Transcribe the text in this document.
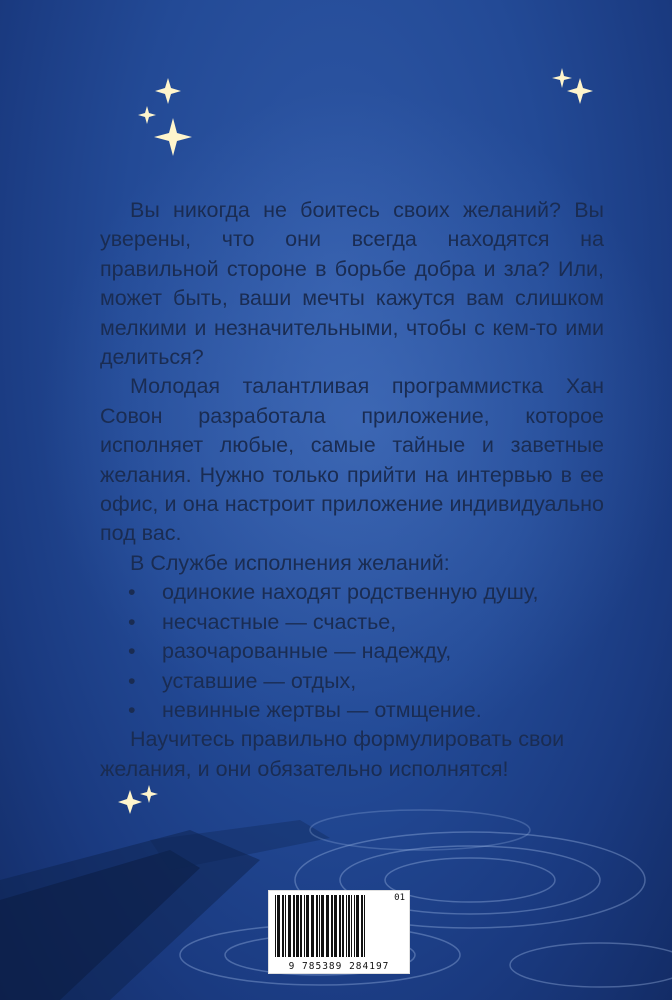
Вы никогда не боитесь своих желаний? Вы уверены, что они всегда находятся на правильной стороне в борьбе добра и зла? Или, может быть, ваши мечты кажутся вам слишком мелкими и незначительными, чтобы с кем-то ими делиться?

Молодая талантливая программистка Хан Совон разработала приложение, которое исполняет любые, самые тайные и заветные желания. Нужно только прийти на интервью в ее офис, и она настроит приложение индивидуально под вас.

В Службе исполнения желаний:
• одинокие находят родственную душу,
• несчастные — счастье,
• разочарованные — надежду,
• уставшие — отдых,
• невинные жертвы — отмщение.

Научитесь правильно формулировать свои желания, и они обязательно исполнятся!

01
9 785389 284197
